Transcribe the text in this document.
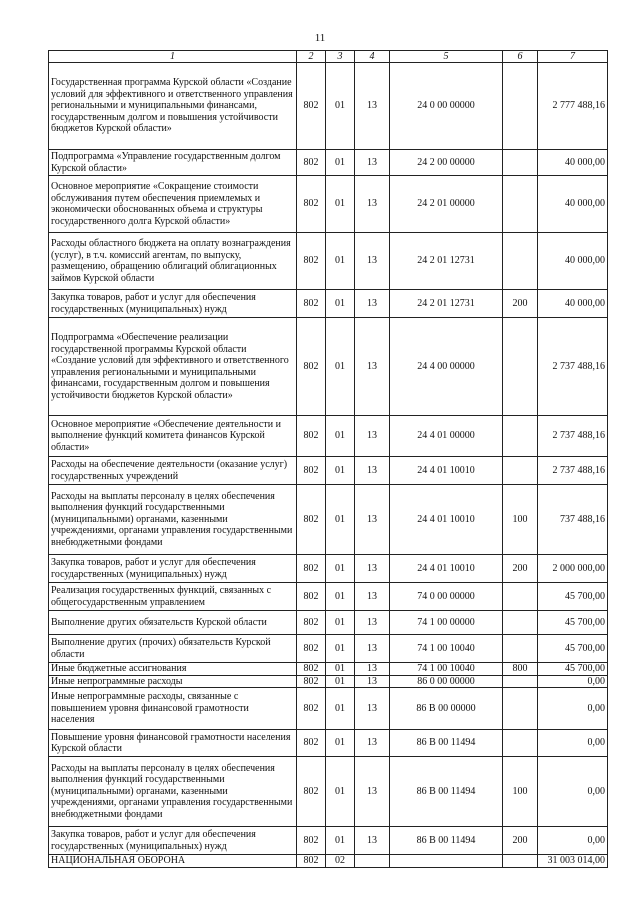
11
1	2	3	4	5	6	7
Государственная программа Курской области «Создание условий для эффективного и ответственного управления региональными и муниципальными финансами, государственным долгом и повышения устойчивости бюджетов Курской области»	802	01	13	24 0 00 00000		2 777 488,16
Подпрограмма «Управление государственным долгом Курской области»	802	01	13	24 2 00 00000		40 000,00
Основное мероприятие «Сокращение стоимости обслуживания путем обеспечения приемлемых и экономически обоснованных объема и структуры государственного долга Курской области»	802	01	13	24 2 01 00000		40 000,00
Расходы областного бюджета на оплату вознаграждения (услуг), в т.ч. комиссий агентам, по выпуску, размещению, обращению облигаций облигационных займов Курской области	802	01	13	24 2 01 12731		40 000,00
Закупка товаров, работ и услуг для обеспечения государственных (муниципальных) нужд	802	01	13	24 2 01 12731	200	40 000,00
Подпрограмма «Обеспечение реализации государственной программы Курской области «Создание условий для эффективного и ответственного управления региональными и муниципальными финансами, государственным долгом и повышения устойчивости бюджетов Курской области»	802	01	13	24 4 00 00000		2 737 488,16
Основное мероприятие «Обеспечение деятельности и выполнение функций комитета финансов Курской области»	802	01	13	24 4 01 00000		2 737 488,16
Расходы на обеспечение деятельности (оказание услуг) государственных учреждений	802	01	13	24 4 01 10010		2 737 488,16
Расходы на выплаты персоналу в целях обеспечения выполнения функций государственными (муниципальными) органами, казенными учреждениями, органами управления государственными внебюджетными фондами	802	01	13	24 4 01 10010	100	737 488,16
Закупка товаров, работ и услуг для обеспечения государственных (муниципальных) нужд	802	01	13	24 4 01 10010	200	2 000 000,00
Реализация государственных функций, связанных с общегосударственным управлением	802	01	13	74 0 00 00000		45 700,00
Выполнение других обязательств Курской области	802	01	13	74 1 00 00000		45 700,00
Выполнение других (прочих) обязательств Курской области	802	01	13	74 1 00 10040		45 700,00
Иные бюджетные ассигнования	802	01	13	74 1 00 10040	800	45 700,00
Иные непрограммные расходы	802	01	13	86 0 00 00000		0,00
Иные непрограммные расходы, связанные с повышением уровня финансовой грамотности населения	802	01	13	86 В 00 00000		0,00
Повышение уровня финансовой грамотности населения Курской области	802	01	13	86 В 00 11494		0,00
Расходы на выплаты персоналу в целях обеспечения выполнения функций государственными (муниципальными) органами, казенными учреждениями, органами управления государственными внебюджетными фондами	802	01	13	86 В 00 11494	100	0,00
Закупка товаров, работ и услуг для обеспечения государственных (муниципальных) нужд	802	01	13	86 В 00 11494	200	0,00
НАЦИОНАЛЬНАЯ ОБОРОНА	802	02				31 003 014,00
